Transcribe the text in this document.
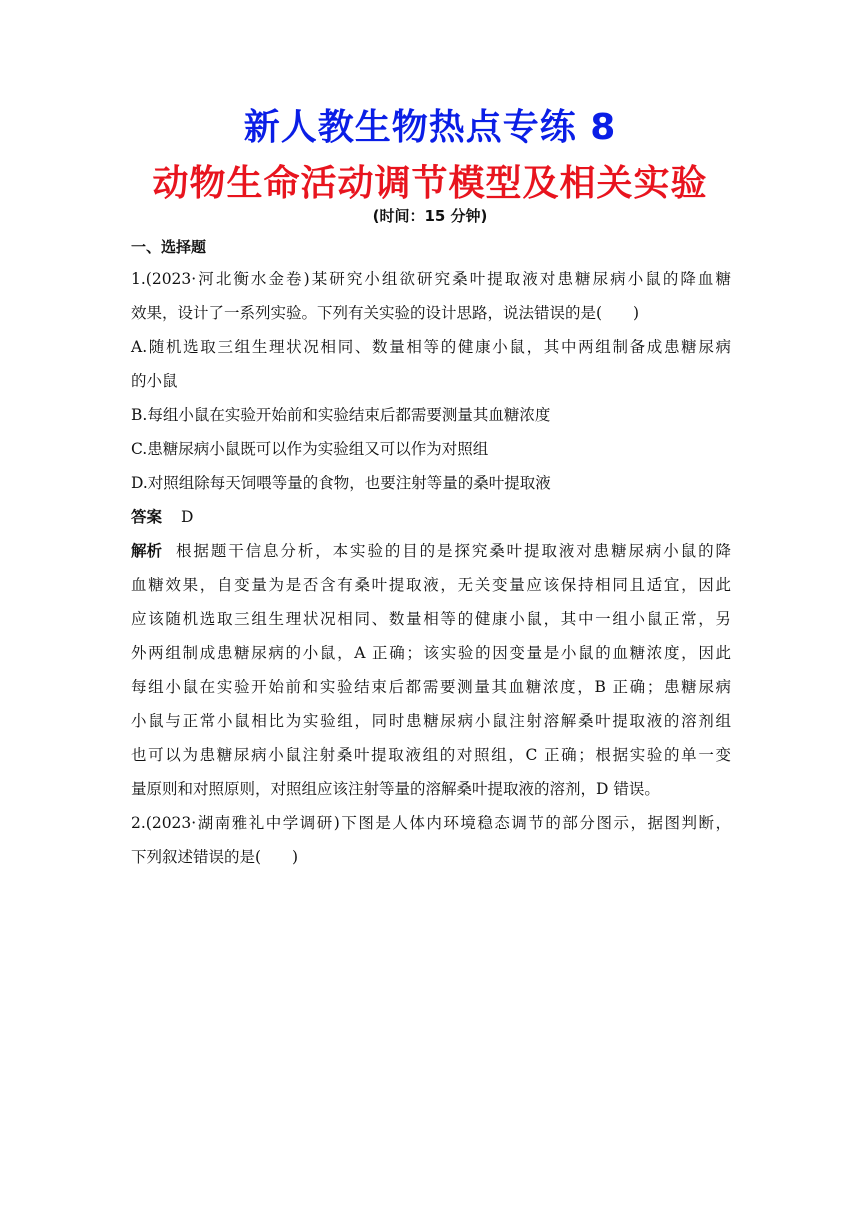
新人教生物热点专练 8
动物生命活动调节模型及相关实验
(时间：15 分钟)
一、选择题
1.(2023·河北衡水金卷)某研究小组欲研究桑叶提取液对患糖尿病小鼠的降血糖
效果，设计了一系列实验。下列有关实验的设计思路，说法错误的是(　　)
A.随机选取三组生理状况相同、数量相等的健康小鼠，其中两组制备成患糖尿病
的小鼠
B.每组小鼠在实验开始前和实验结束后都需要测量其血糖浓度
C.患糖尿病小鼠既可以作为实验组又可以作为对照组
D.对照组除每天饲喂等量的食物，也要注射等量的桑叶提取液
答案 D
解析 根据题干信息分析，本实验的目的是探究桑叶提取液对患糖尿病小鼠的降
血糖效果，自变量为是否含有桑叶提取液，无关变量应该保持相同且适宜，因此
应该随机选取三组生理状况相同、数量相等的健康小鼠，其中一组小鼠正常，另
外两组制成患糖尿病的小鼠，A 正确；该实验的因变量是小鼠的血糖浓度，因此
每组小鼠在实验开始前和实验结束后都需要测量其血糖浓度，B 正确；患糖尿病
小鼠与正常小鼠相比为实验组，同时患糖尿病小鼠注射溶解桑叶提取液的溶剂组
也可以为患糖尿病小鼠注射桑叶提取液组的对照组，C 正确；根据实验的单一变
量原则和对照原则，对照组应该注射等量的溶解桑叶提取液的溶剂，D 错误。
2.(2023·湖南雅礼中学调研)下图是人体内环境稳态调节的部分图示，据图判断，
下列叙述错误的是(　　)
